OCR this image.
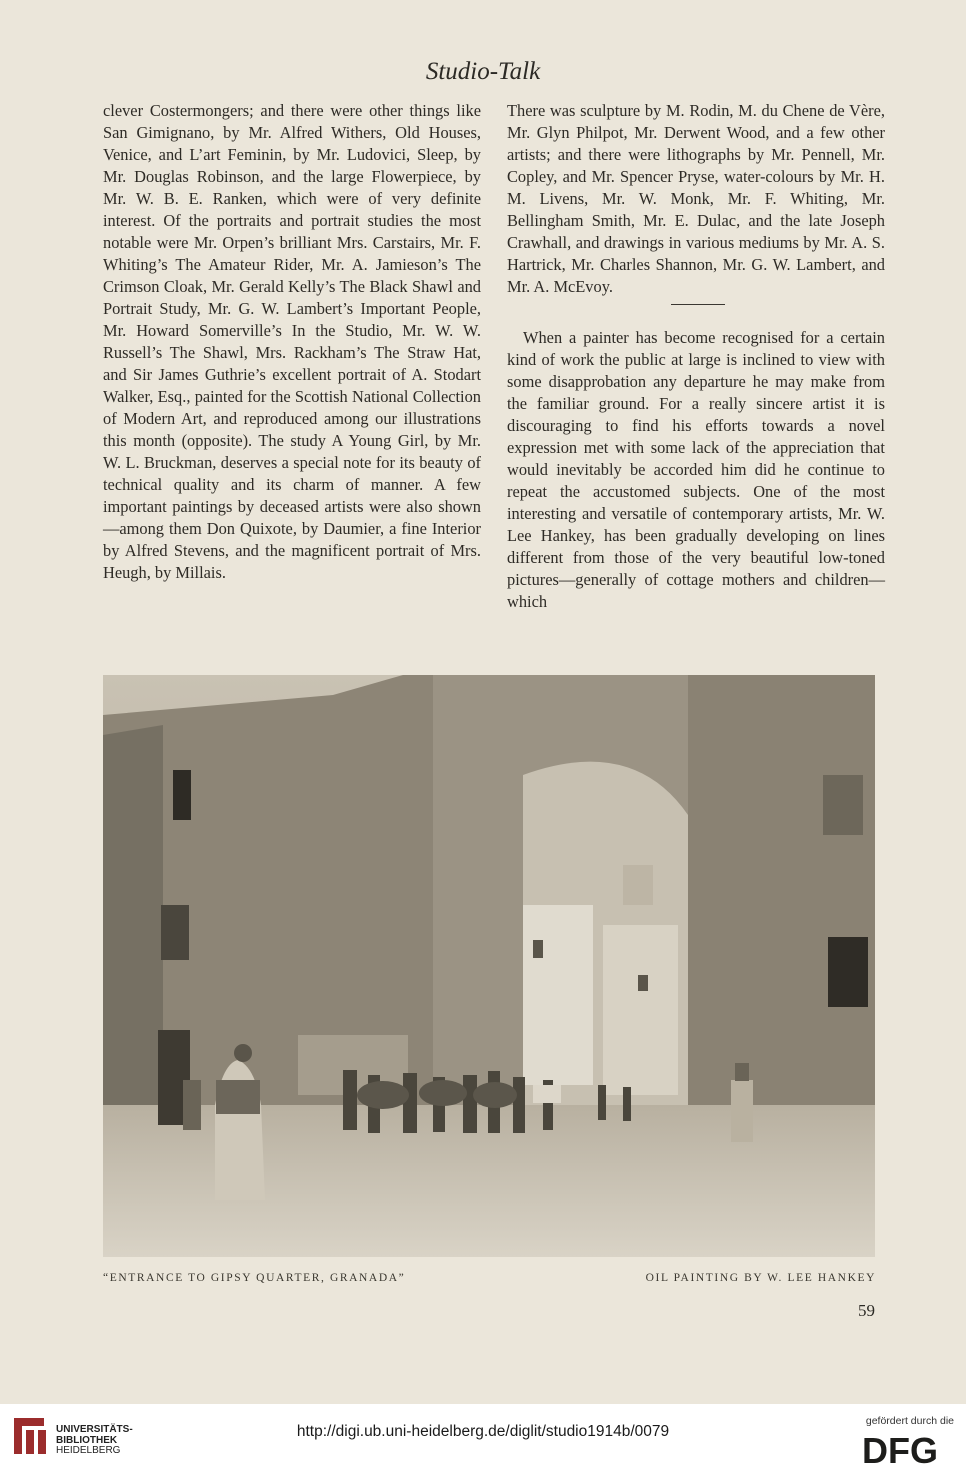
Studio-Talk

clever Costermongers; and there were other things like San Gimignano, by Mr. Alfred Withers, Old Houses, Venice, and L’art Feminin, by Mr. Ludovici, Sleep, by Mr. Douglas Robinson, and the large Flowerpiece, by Mr. W. B. E. Ranken, which were of very definite interest. Of the portraits and portrait studies the most notable were Mr. Orpen’s brilliant Mrs. Carstairs, Mr. F. Whiting’s The Amateur Rider, Mr. A. Jamieson’s The Crimson Cloak, Mr. Gerald Kelly’s The Black Shawl and Portrait Study, Mr. G. W. Lambert’s Important People, Mr. Howard Somerville’s In the Studio, Mr. W. W. Russell’s The Shawl, Mrs. Rackham’s The Straw Hat, and Sir James Guthrie’s excellent portrait of A. Stodart Walker, Esq., painted for the Scottish National Collection of Modern Art, and reproduced among our illustrations this month (opposite). The study A Young Girl, by Mr. W. L. Bruckman, deserves a special note for its beauty of technical quality and its charm of manner. A few important paintings by deceased artists were also shown—among them Don Quixote, by Daumier, a fine Interior by Alfred Stevens, and the magnificent portrait of Mrs. Heugh, by Millais.

There was sculpture by M. Rodin, M. du Chene de Vère, Mr. Glyn Philpot, Mr. Derwent Wood, and a few other artists; and there were lithographs by Mr. Pennell, Mr. Copley, and Mr. Spencer Pryse, water-colours by Mr. H. M. Livens, Mr. W. Monk, Mr. F. Whiting, Mr. Bellingham Smith, Mr. E. Dulac, and the late Joseph Crawhall, and drawings in various mediums by Mr. A. S. Hartrick, Mr. Charles Shannon, Mr. G. W. Lambert, and Mr. A. McEvoy.

When a painter has become recognised for a certain kind of work the public at large is inclined to view with some disapprobation any departure he may make from the familiar ground. For a really sincere artist it is discouraging to find his efforts towards a novel expression met with some lack of the appreciation that would inevitably be accorded him did he continue to repeat the accustomed subjects. One of the most interesting and versatile of contemporary artists, Mr. W. Lee Hankey, has been gradually developing on lines different from those of the very beautiful low-toned pictures—generally of cottage mothers and children—which

“ENTRANCE TO GIPSY QUARTER, GRANADA”	OIL PAINTING BY W. LEE HANKEY
59
UNIVERSITÄTS-
BIBLIOTHEK
HEIDELBERG
http://digi.ub.uni-heidelberg.de/diglit/studio1914b/0079
gefördert durch die
DFG
